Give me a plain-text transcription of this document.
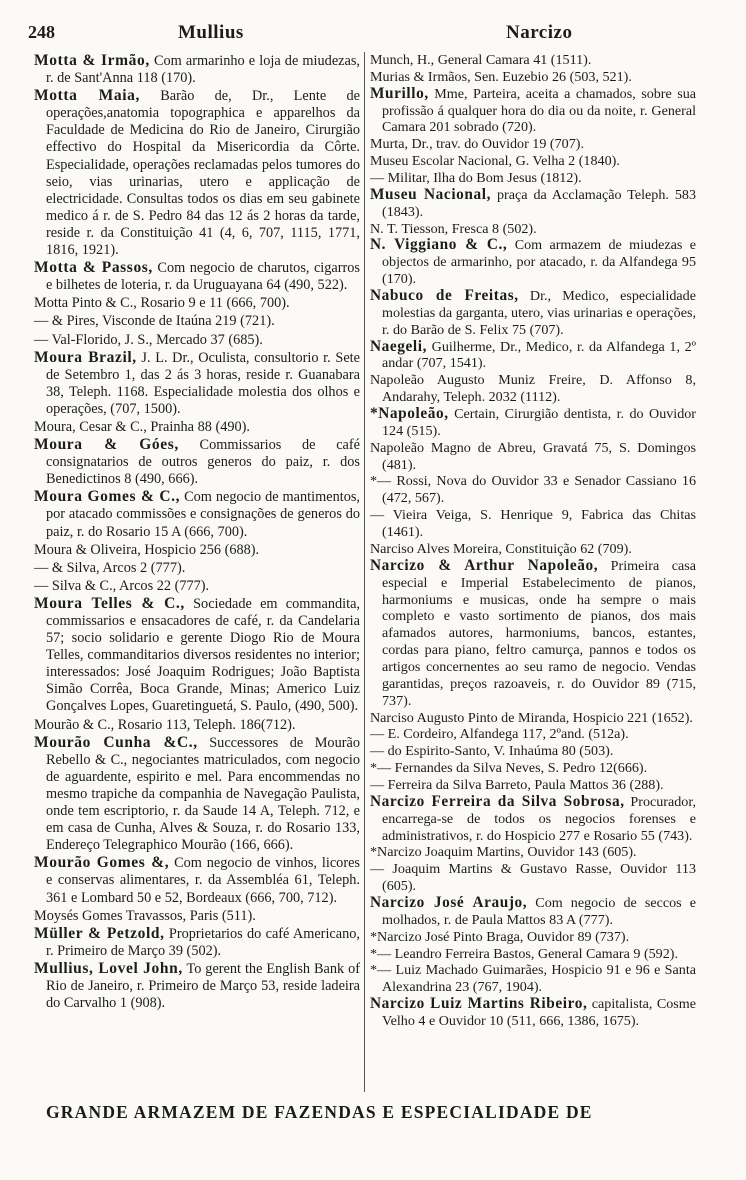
248	Mullius	Narcizo

Motta & Irmão, Com armarinho e loja de miudezas, r. de Sant'Anna 118 (170).

Motta Maia, Barão de, Dr., Lente de operações,anatomia topographica e apparelhos da Faculdade de Medicina do Rio de Janeiro, Cirurgião effectivo do Hospital da Misericordia da Côrte. Especialidade, operações reclamadas pelos tumores do seio, vias urinarias, utero e applicação de electricidade. Consultas todos os dias em seu gabinete medico á r. de S. Pedro 84 das 12 ás 2 horas da tarde, reside r. da Constituição 41 (4, 6, 707, 1115, 1771, 1816, 1921).

Motta & Passos, Com negocio de charutos, cigarros e bilhetes de loteria, r. da Uruguayana 64 (490, 522).

Motta Pinto & C., Rosario 9 e 11 (666, 700).

— & Pires, Visconde de Itaúna 219 (721).

— Val-Florido, J. S., Mercado 37 (685).

Moura Brazil, J. L. Dr., Oculista, consultorio r. Sete de Setembro 1, das 2 ás 3 horas, reside r. Guanabara 38, Teleph. 1168. Especialidade molestia dos olhos e operações, (707, 1500).

Moura, Cesar & C., Prainha 88 (490).

Moura & Góes, Commissarios de café consignatarios de outros generos do paiz, r. dos Benedictinos 8 (490, 666).

Moura Gomes & C., Com negocio de mantimentos, por atacado commissões e consignações de generos do paiz, r. do Rosario 15 A (666, 700).

Moura & Oliveira, Hospicio 256 (688).

— & Silva, Arcos 2 (777).

— Silva & C., Arcos 22 (777).

Moura Telles & C., Sociedade em commandita, commissarios e ensacadores de café, r. da Candelaria 57; socio solidario e gerente Diogo Rio de Moura Telles, commanditarios diversos residentes no interior; interessados: José Joaquim Rodrigues; João Baptista Simão Corrêa, Boca Grande, Minas; Americo Luiz Gonçalves Lopes, Guaretinguetá, S. Paulo, (490, 500).

Mourão & C., Rosario 113, Teleph. 186(712).

Mourão Cunha &C., Successores de Mourão Rebello & C., negociantes matriculados, com negocio de aguardente, espirito e mel. Para encommendas no mesmo trapiche da companhia de Navegação Paulista, onde tem escriptorio, r. da Saude 14 A, Teleph. 712, e em casa de Cunha, Alves & Souza, r. do Rosario 133, Endereço Telegraphico Mourão (166, 666).

Mourão Gomes &, Com negocio de vinhos, licores e conservas alimentares, r. da Assembléa 61, Teleph. 361 e Lombard 50 e 52, Bordeaux (666, 700, 712).

Moysés Gomes Travassos, Paris (511).

Müller & Petzold, Proprietarios do café Americano, r. Primeiro de Março 39 (502).

Mullius, Lovel John, To gerent the English Bank of Rio de Janeiro, r. Primeiro de Março 53, reside ladeira do Carvalho 1 (908).

Munch, H., General Camara 41 (1511).

Murias & Irmãos, Sen. Euzebio 26 (503, 521).

Murillo, Mme, Parteira, aceita a chamados, sobre sua profissão á qualquer hora do dia ou da noite, r. General Camara 201 sobrado (720).

Murta, Dr., trav. do Ouvidor 19 (707).

Museu Escolar Nacional, G. Velha 2 (1840).

— Militar, Ilha do Bom Jesus (1812).

Museu Nacional, praça da Acclamação Teleph. 583 (1843).

N. T. Tiesson, Fresca 8 (502).

N. Viggiano & C., Com armazem de miudezas e objectos de armarinho, por atacado, r. da Alfandega 95 (170).

Nabuco de Freitas, Dr., Medico, especialidade molestias da garganta, utero, vias urinarias e operações, r. do Barão de S. Felix 75 (707).

Naegeli, Guilherme, Dr., Medico, r. da Alfandega 1, 2º andar (707, 1541).

Napoleão Augusto Muniz Freire, D. Affonso 8, Andarahy, Teleph. 2032 (1112).

*Napoleão, Certain, Cirurgião dentista, r. do Ouvidor 124 (515).

Napoleão Magno de Abreu, Gravatá 75, S. Domingos (481).

*— Rossi, Nova do Ouvidor 33 e Senador Cassiano 16 (472, 567).

— Vieira Veiga, S. Henrique 9, Fabrica das Chitas (1461).

Narciso Alves Moreira, Constituição 62 (709).

Narcizo & Arthur Napoleão, Primeira casa especial e Imperial Estabelecimento de pianos, harmoniums e musicas, onde ha sempre o mais completo e vasto sortimento de pianos, dos mais afamados autores, harmoniums, bancos, estantes, cordas para piano, feltro camurça, pannos e todos os artigos concernentes ao seu ramo de negocio. Vendas garantidas, preços razoaveis, r. do Ouvidor 89 (715, 737).

Narciso Augusto Pinto de Miranda, Hospicio 221 (1652).

— E. Cordeiro, Alfandega 117, 2ºand. (512a).

— do Espirito-Santo, V. Inhaúma 80 (503).

*— Fernandes da Silva Neves, S. Pedro 12(666).

— Ferreira da Silva Barreto, Paula Mattos 36 (288).

Narcizo Ferreira da Silva Sobrosa, Procurador, encarrega-se de todos os negocios forenses e administrativos, r. do Hospicio 277 e Rosario 55 (743).

*Narcizo Joaquim Martins, Ouvidor 143 (605).

— Joaquim Martins & Gustavo Rasse, Ouvidor 113 (605).

Narcizo José Araujo, Com negocio de seccos e molhados, r. de Paula Mattos 83 A (777).

*Narcizo José Pinto Braga, Ouvidor 89 (737).

*— Leandro Ferreira Bastos, General Camara 9 (592).

*— Luiz Machado Guimarães, Hospicio 91 e 96 e Santa Alexandrina 23 (767, 1904).

Narcizo Luiz Martins Ribeiro, capitalista, Cosme Velho 4 e Ouvidor 10 (511, 666, 1386, 1675).

GRANDE ARMAZEM DE FAZENDAS E ESPECIALIDADE DE
